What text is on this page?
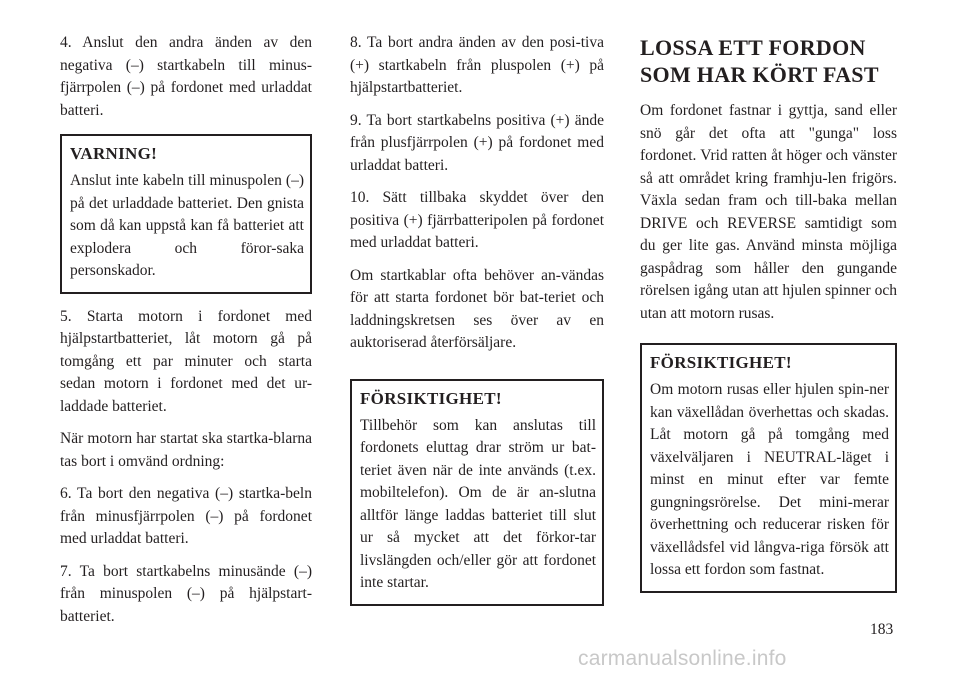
4. Anslut den andra änden av den negativa (–) startkabeln till minus-fjärrpolen (–) på fordonet med urladdat batteri.

VARNING!

Anslut inte kabeln till minuspolen (–) på det urladdade batteriet. Den gnista som då kan uppstå kan få batteriet att explodera och föror-saka personskador.

5. Starta motorn i fordonet med hjälpstartbatteriet, låt motorn gå på tomgång ett par minuter och starta sedan motorn i fordonet med det ur-laddade batteriet.

När motorn har startat ska startka-blarna tas bort i omvänd ordning:

6. Ta bort den negativa (–) startka-beln från minusfjärrpolen (–) på fordonet med urladdat batteri.

7. Ta bort startkabelns minusände (–) från minuspolen (–) på hjälpstart-batteriet.

8. Ta bort andra änden av den posi-tiva (+) startkabeln från pluspolen (+) på hjälpstartbatteriet.

9. Ta bort startkabelns positiva (+) ände från plusfjärrpolen (+) på fordonet med urladdat batteri.

10. Sätt tillbaka skyddet över den positiva (+) fjärrbatteripolen på fordonet med urladdat batteri.

Om startkablar ofta behöver an-vändas för att starta fordonet bör bat-teriet och laddningskretsen ses över av en auktoriserad återförsäljare.

FÖRSIKTIGHET!

Tillbehör som kan anslutas till fordonets eluttag drar ström ur bat-teriet även när de inte används (t.ex. mobiltelefon). Om de är an-slutna alltför länge laddas batteriet till slut ur så mycket att det förkor-tar livslängden och/eller gör att fordonet inte startar.

LOSSA ETT FORDON SOM HAR KÖRT FAST

Om fordonet fastnar i gyttja, sand eller snö går det ofta att "gunga" loss fordonet. Vrid ratten åt höger och vänster så att området kring framhju-len frigörs. Växla sedan fram och till-baka mellan DRIVE och REVERSE samtidigt som du ger lite gas. Använd minsta möjliga gaspådrag som håller den gungande rörelsen igång utan att hjulen spinner och utan att motorn rusas.

FÖRSIKTIGHET!

Om motorn rusas eller hjulen spin-ner kan växellådan överhettas och skadas. Låt motorn gå på tomgång med växelväljaren i NEUTRAL-läget i minst en minut efter var femte gungningsrörelse. Det mini-merar överhettning och reducerar risken för växellådsfel vid långva-riga försök att lossa ett fordon som fastnat.

183
carmanualsonline.info
